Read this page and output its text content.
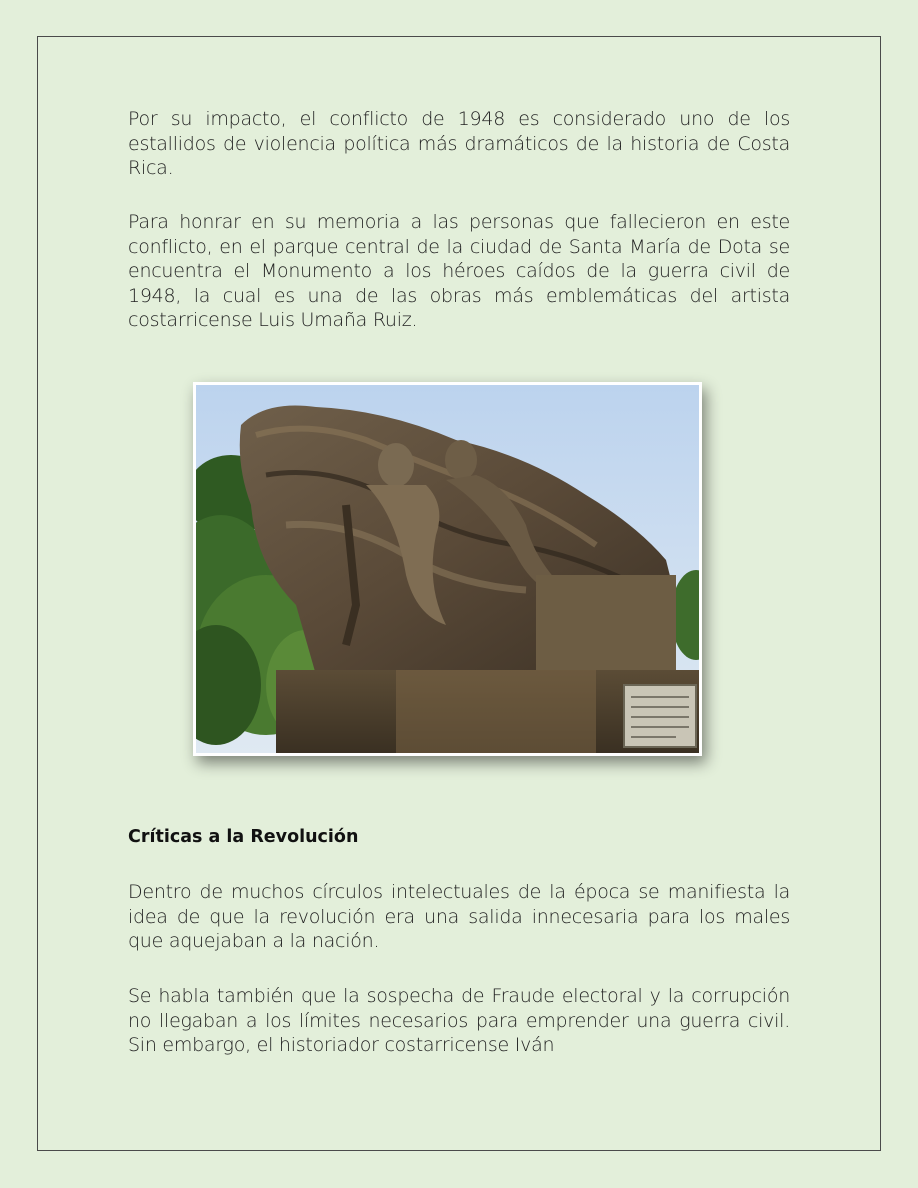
Por su impacto, el conflicto de 1948 es considerado uno de los estallidos de violencia política más dramáticos de la historia de Costa Rica.

Para honrar en su memoria a las personas que fallecieron en este conflicto, en el parque central de la ciudad de Santa María de Dota se encuentra el Monumento a los héroes caídos de la guerra civil de 1948, la cual es una de las obras más emblemáticas del artista costarricense Luis Umaña Ruiz.

Críticas a la Revolución

Dentro de muchos círculos intelectuales de la época se manifiesta la idea de que la revolución era una salida innecesaria para los males que aquejaban a la nación.

Se habla también que la sospecha de Fraude electoral y la corrupción no llegaban a los límites necesarios para emprender una guerra civil. Sin embargo, el historiador costarricense Iván
